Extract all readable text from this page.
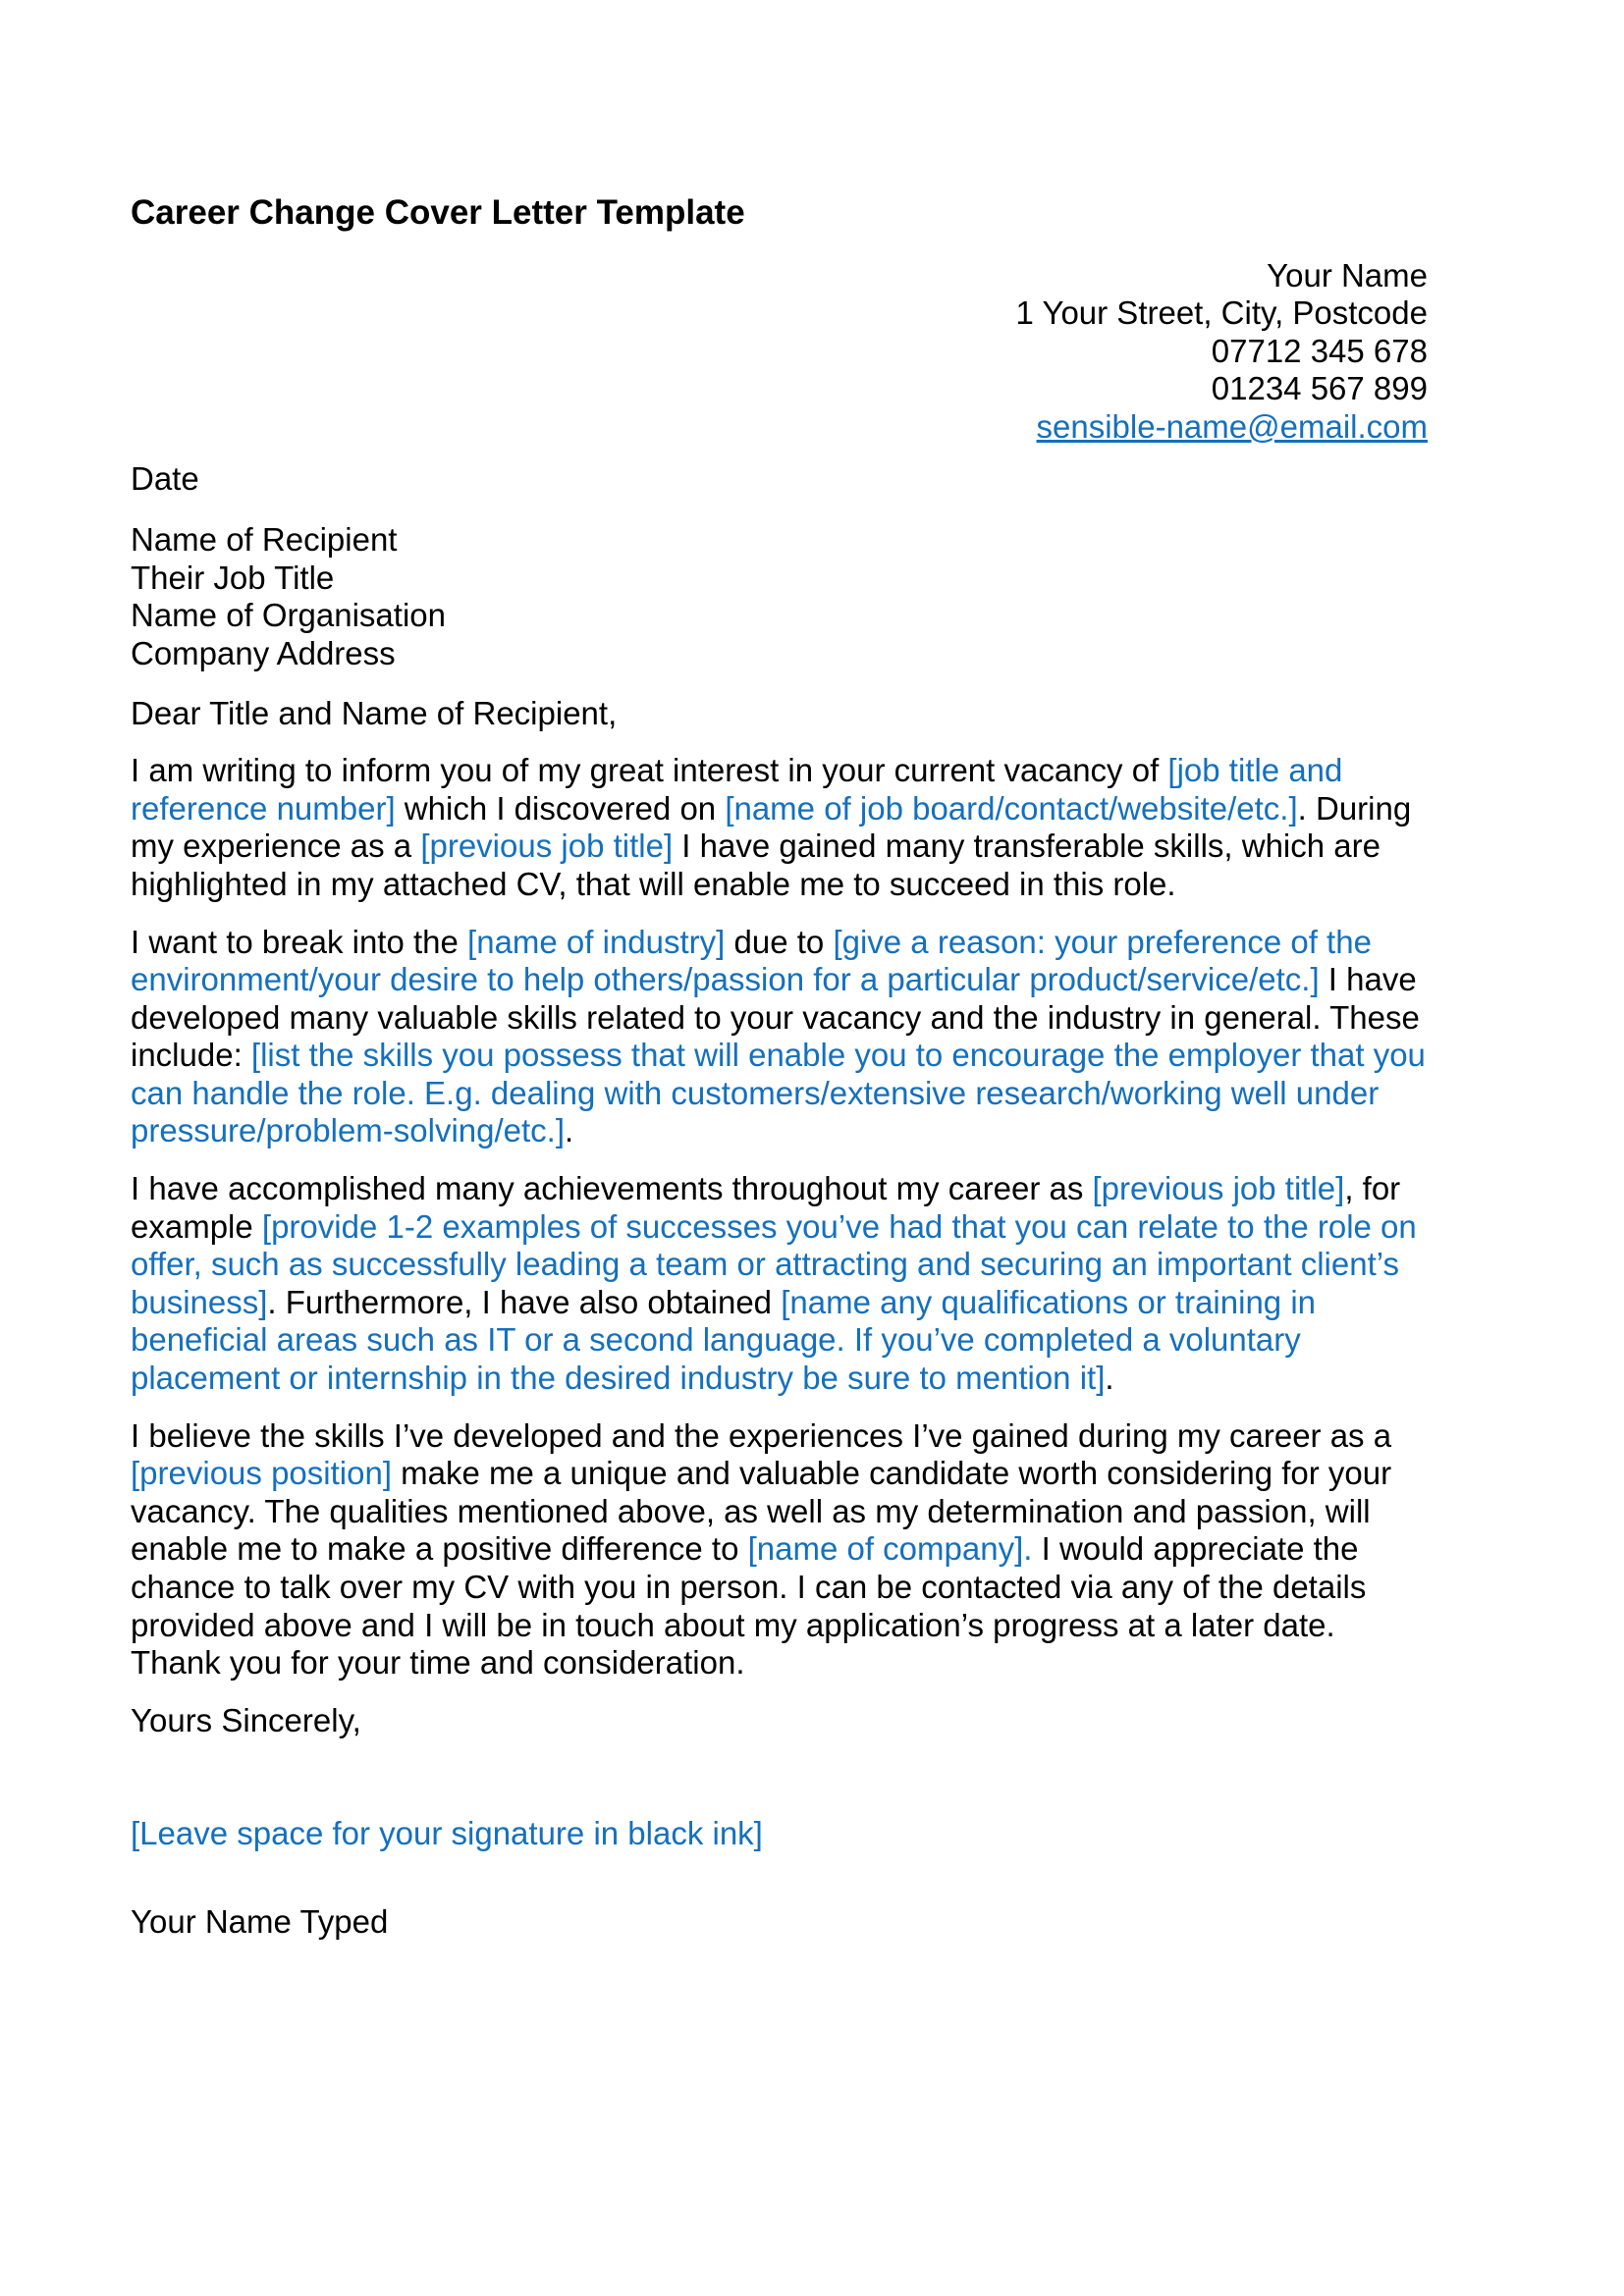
Career Change Cover Letter Template
Your Name
1 Your Street, City, Postcode
07712 345 678
01234 567 899
sensible-name@email.com
Date
Name of Recipient
Their Job Title
Name of Organisation
Company Address
Dear Title and Name of Recipient,

I am writing to inform you of my great interest in your current vacancy of [job title and reference number] which I discovered on [name of job board/contact/website/etc.]. During my experience as a [previous job title] I have gained many transferable skills, which are highlighted in my attached CV, that will enable me to succeed in this role.

I want to break into the [name of industry] due to [give a reason: your preference of the environment/your desire to help others/passion for a particular product/service/etc.] I have developed many valuable skills related to your vacancy and the industry in general. These include: [list the skills you possess that will enable you to encourage the employer that you can handle the role. E.g. dealing with customers/extensive research/working well under pressure/problem-solving/etc.].

I have accomplished many achievements throughout my career as [previous job title], for example [provide 1-2 examples of successes you’ve had that you can relate to the role on offer, such as successfully leading a team or attracting and securing an important client’s business]. Furthermore, I have also obtained [name any qualifications or training in beneficial areas such as IT or a second language. If you’ve completed a voluntary placement or internship in the desired industry be sure to mention it].

I believe the skills I’ve developed and the experiences I’ve gained during my career as a [previous position] make me a unique and valuable candidate worth considering for your vacancy. The qualities mentioned above, as well as my determination and passion, will enable me to make a positive difference to [name of company]. I would appreciate the chance to talk over my CV with you in person. I can be contacted via any of the details provided above and I will be in touch about my application’s progress at a later date. Thank you for your time and consideration.

Yours Sincerely,
[Leave space for your signature in black ink]
Your Name Typed
